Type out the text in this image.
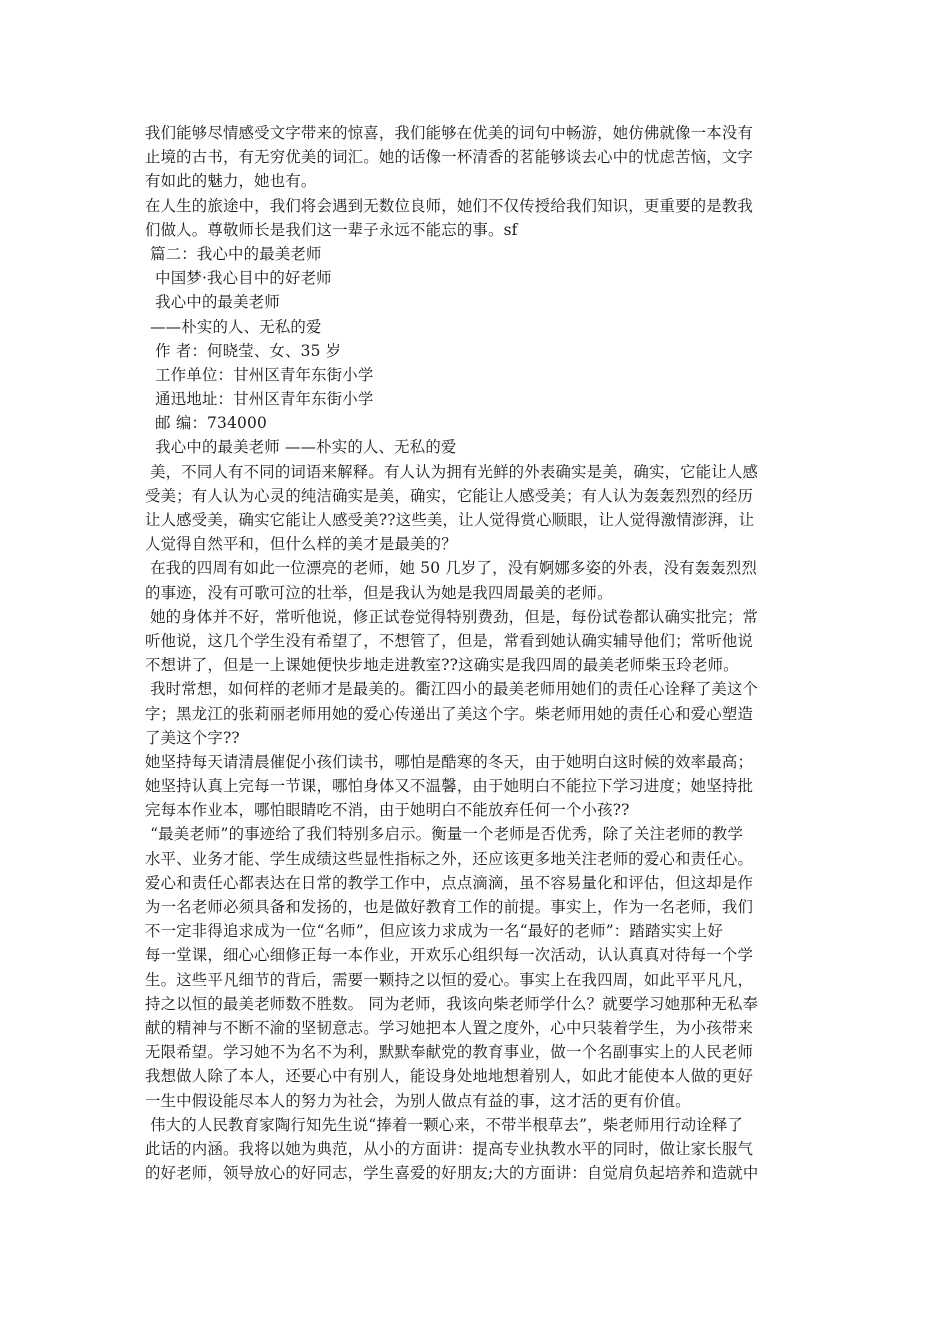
我们能够尽情感受文字带来的惊喜，我们能够在优美的词句中畅游，她仿佛就像一本没有
止境的古书，有无穷优美的词汇。她的话像一杯清香的茗能够谈去心中的忧虑苦恼，文字
有如此的魅力，她也有。
在人生的旅途中，我们将会遇到无数位良师，她们不仅传授给我们知识，更重要的是教我
们做人。尊敬师长是我们这一辈子永远不能忘的事。sf
篇二：我心中的最美老师
中国梦·我心目中的好老师
我心中的最美老师
——朴实的人、无私的爱
作 者：何晓莹、女、35 岁
工作单位：甘州区青年东街小学
通迅地址：甘州区青年东街小学
邮 编：734000
我心中的最美老师 ——朴实的人、无私的爱
美，不同人有不同的词语来解释。有人认为拥有光鲜的外表确实是美，确实，它能让人感
受美；有人认为心灵的纯洁确实是美，确实，它能让人感受美；有人认为轰轰烈烈的经历
让人感受美，确实它能让人感受美??这些美，让人觉得赏心顺眼，让人觉得激情澎湃，让
人觉得自然平和，但什么样的美才是最美的？
在我的四周有如此一位漂亮的老师，她 50 几岁了，没有婀娜多姿的外表，没有轰轰烈烈
的事迹，没有可歌可泣的壮举，但是我认为她是我四周最美的老师。
她的身体并不好，常听他说，修正试卷觉得特别费劲，但是，每份试卷都认确实批完；常
听他说，这几个学生没有希望了，不想管了，但是，常看到她认确实辅导他们；常听他说
不想讲了，但是一上课她便快步地走进教室??这确实是我四周的最美老师柴玉玲老师。
我时常想，如何样的老师才是最美的。衢江四小的最美老师用她们的责任心诠释了美这个
字；黑龙江的张莉丽老师用她的爱心传递出了美这个字。柴老师用她的责任心和爱心塑造
了美这个字??
她坚持每天请清晨催促小孩们读书，哪怕是酷寒的冬天，由于她明白这时候的效率最高；
她坚持认真上完每一节课，哪怕身体又不温馨，由于她明白不能拉下学习进度；她坚持批
完每本作业本，哪怕眼睛吃不消，由于她明白不能放弃任何一个小孩??
“最美老师”的事迹给了我们特别多启示。衡量一个老师是否优秀，除了关注老师的教学
水平、业务才能、学生成绩这些显性指标之外，还应该更多地关注老师的爱心和责任心。
爱心和责任心都表达在日常的教学工作中，点点滴滴，虽不容易量化和评估，但这却是作
为一名老师必须具备和发扬的，也是做好教育工作的前提。事实上，作为一名老师，我们
不一定非得追求成为一位“名师”，但应该力求成为一名“最好的老师”：踏踏实实上好
每一堂课，细心心细修正每一本作业，开欢乐心组织每一次活动，认认真真对待每一个学
生。这些平凡细节的背后，需要一颗持之以恒的爱心。事实上在我四周，如此平平凡凡，
持之以恒的最美老师数不胜数。 同为老师，我该向柴老师学什么？就要学习她那种无私奉
献的精神与不断不渝的坚韧意志。学习她把本人置之度外，心中只装着学生，为小孩带来
无限希望。学习她不为名不为利，默默奉献党的教育事业，做一个名副事实上的人民老师
我想做人除了本人，还要心中有别人，能设身处地地想着别人，如此才能使本人做的更好
一生中假设能尽本人的努力为社会，为别人做点有益的事，这才活的更有价值。
伟大的人民教育家陶行知先生说“捧着一颗心来，不带半根草去”，柴老师用行动诠释了
此话的内涵。我将以她为典范，从小的方面讲：提高专业执教水平的同时，做让家长服气
的好老师，领导放心的好同志，学生喜爱的好朋友;大的方面讲：自觉肩负起培养和造就中
